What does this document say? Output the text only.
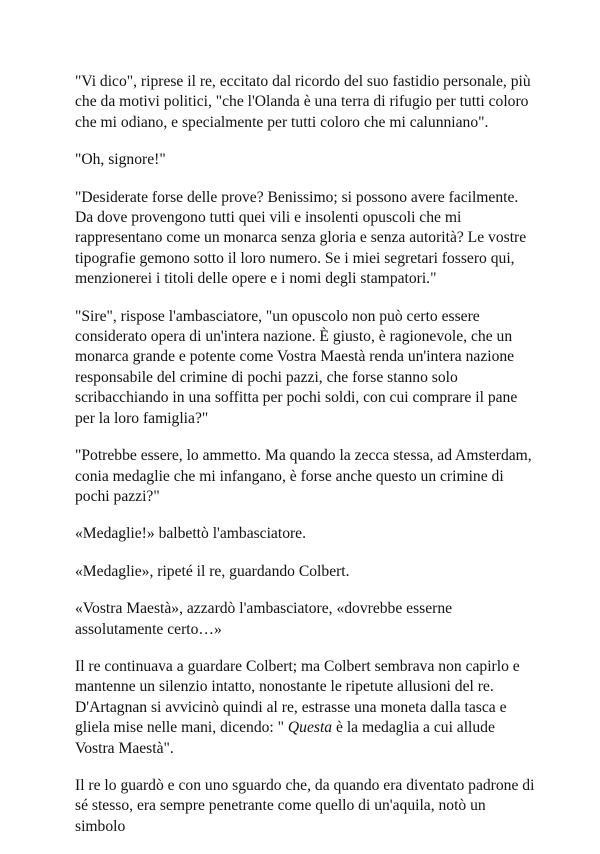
"Vi dico", riprese il re, eccitato dal ricordo del suo fastidio personale, più che da motivi politici, "che l'Olanda è una terra di rifugio per tutti coloro che mi odiano, e specialmente per tutti coloro che mi calunniano".

"Oh, signore!"

"Desiderate forse delle prove? Benissimo; si possono avere facilmente. Da dove provengono tutti quei vili e insolenti opuscoli che mi rappresentano come un monarca senza gloria e senza autorità? Le vostre tipografie gemono sotto il loro numero. Se i miei segretari fossero qui, menzionerei i titoli delle opere e i nomi degli stampatori."

"Sire", rispose l'ambasciatore, "un opuscolo non può certo essere considerato opera di un'intera nazione. È giusto, è ragionevole, che un monarca grande e potente come Vostra Maestà renda un'intera nazione responsabile del crimine di pochi pazzi, che forse stanno solo scribacchiando in una soffitta per pochi soldi, con cui comprare il pane per la loro famiglia?"

"Potrebbe essere, lo ammetto. Ma quando la zecca stessa, ad Amsterdam, conia medaglie che mi infangano, è forse anche questo un crimine di pochi pazzi?"

«Medaglie!» balbettò l'ambasciatore.

«Medaglie», ripeté il re, guardando Colbert.

«Vostra Maestà», azzardò l'ambasciatore, «dovrebbe esserne assolutamente certo…»

Il re continuava a guardare Colbert; ma Colbert sembrava non capirlo e mantenne un silenzio intatto, nonostante le ripetute allusioni del re. D'Artagnan si avvicinò quindi al re, estrasse una moneta dalla tasca e gliela mise nelle mani, dicendo: " Questa è la medaglia a cui allude Vostra Maestà".

Il re lo guardò e con uno sguardo che, da quando era diventato padrone di sé stesso, era sempre penetrante come quello di un'aquila, notò un simbolo
